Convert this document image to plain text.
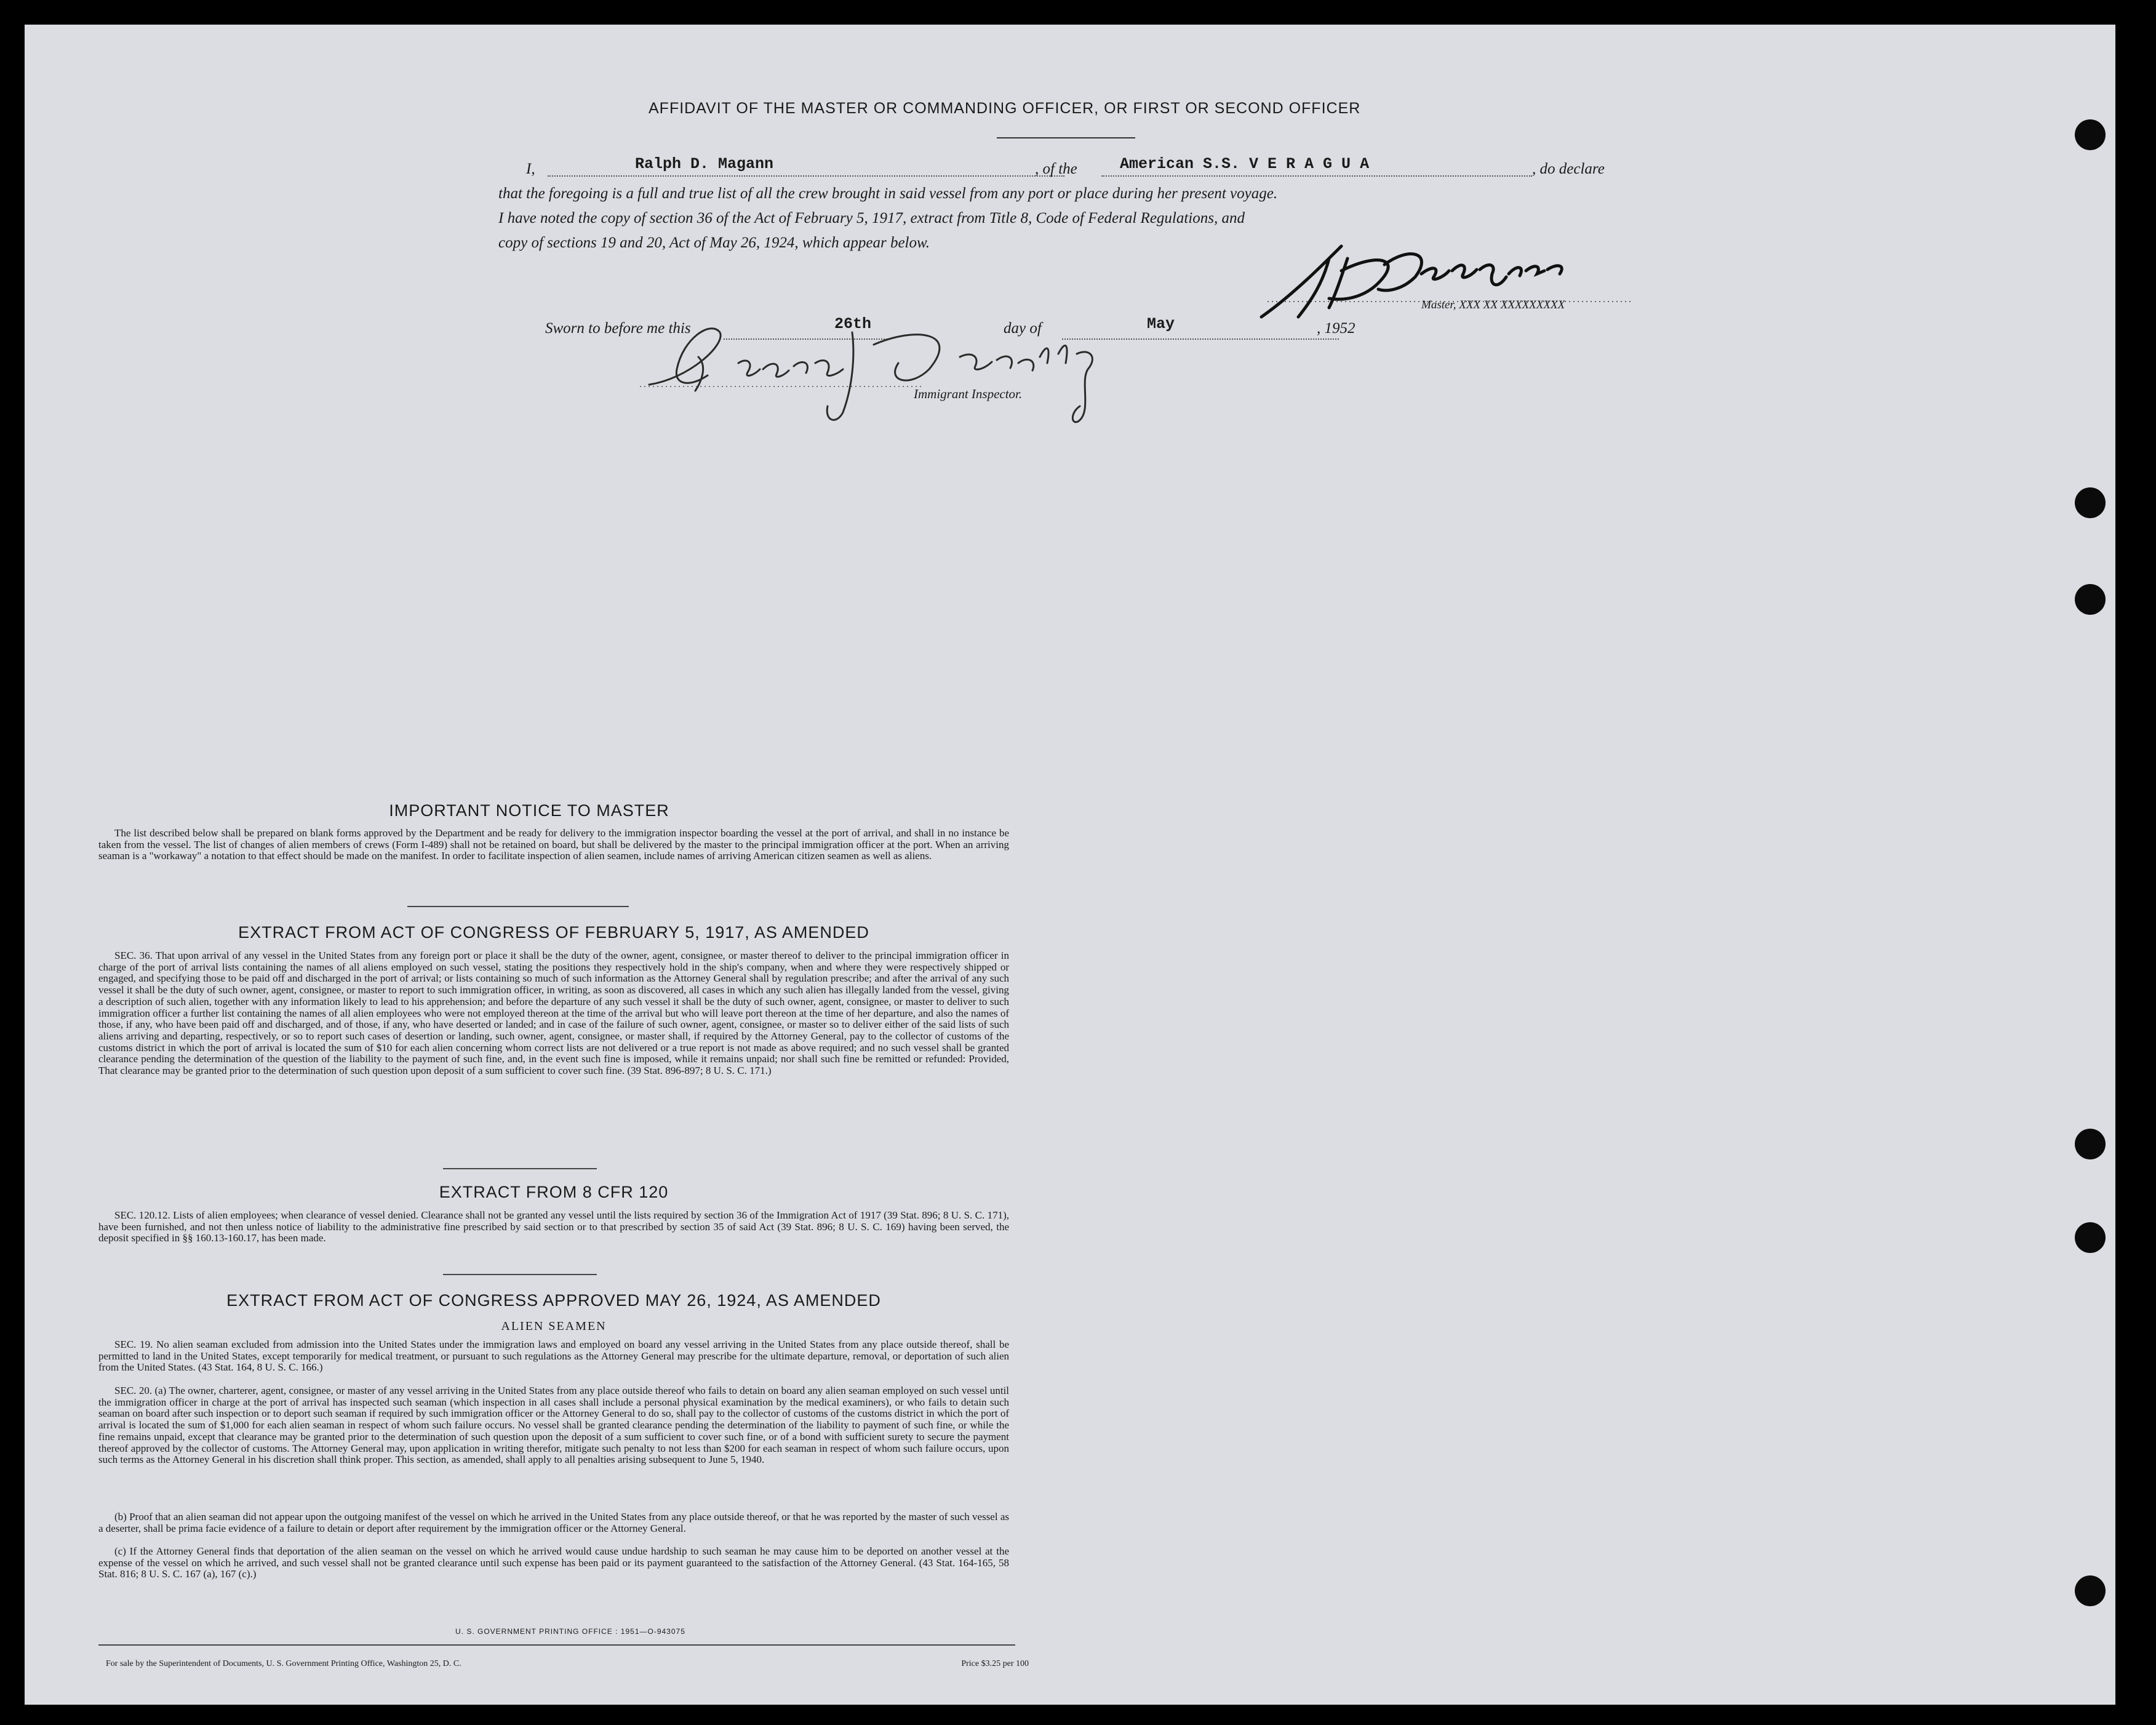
AFFIDAVIT OF THE MASTER OR COMMANDING OFFICER, OR FIRST OR SECOND OFFICER
I,	Ralph D. Magann	, of the	American S.S. V E R A G U A	, do declare
that the foregoing is a full and true list of all the crew brought in said vessel from any port or place during her present voyage.
I have noted the copy of section 36 of the Act of February 5, 1917, extract from Title 8, Code of Federal Regulations, and
copy of sections 19 and 20, Act of May 26, 1924, which appear below.
Master, XXX XX XXXXXXXXX
Sworn to before me this	26th	day of	May	, 1952
Immigrant Inspector.
IMPORTANT NOTICE TO MASTER

The list described below shall be prepared on blank forms approved by the Department and be ready for delivery to the immigration inspector boarding the vessel at the port of arrival, and shall in no instance be taken from the vessel. The list of changes of alien members of crews (Form I-489) shall not be retained on board, but shall be delivered by the master to the principal immigration officer at the port. When an arriving seaman is a "workaway" a notation to that effect should be made on the manifest. In order to facilitate inspection of alien seamen, include names of arriving American citizen seamen as well as aliens.

EXTRACT FROM ACT OF CONGRESS OF FEBRUARY 5, 1917, AS AMENDED

SEC. 36. That upon arrival of any vessel in the United States from any foreign port or place it shall be the duty of the owner, agent, consignee, or master thereof to deliver to the principal immigration officer in charge of the port of arrival lists containing the names of all aliens employed on such vessel, stating the positions they respectively hold in the ship's company, when and where they were respectively shipped or engaged, and specifying those to be paid off and discharged in the port of arrival; or lists containing so much of such information as the Attorney General shall by regulation prescribe; and after the arrival of any such vessel it shall be the duty of such owner, agent, consignee, or master to report to such immigration officer, in writing, as soon as discovered, all cases in which any such alien has illegally landed from the vessel, giving a description of such alien, together with any information likely to lead to his apprehension; and before the departure of any such vessel it shall be the duty of such owner, agent, consignee, or master to deliver to such immigration officer a further list containing the names of all alien employees who were not employed thereon at the time of the arrival but who will leave port thereon at the time of her departure, and also the names of those, if any, who have been paid off and discharged, and of those, if any, who have deserted or landed; and in case of the failure of such owner, agent, consignee, or master so to deliver either of the said lists of such aliens arriving and departing, respectively, or so to report such cases of desertion or landing, such owner, agent, consignee, or master shall, if required by the Attorney General, pay to the collector of customs of the customs district in which the port of arrival is located the sum of $10 for each alien concerning whom correct lists are not delivered or a true report is not made as above required; and no such vessel shall be granted clearance pending the determination of the question of the liability to the payment of such fine, and, in the event such fine is imposed, while it remains unpaid; nor shall such fine be remitted or refunded: Provided, That clearance may be granted prior to the determination of such question upon deposit of a sum sufficient to cover such fine. (39 Stat. 896-897; 8 U. S. C. 171.)

EXTRACT FROM 8 CFR 120

SEC. 120.12. Lists of alien employees; when clearance of vessel denied. Clearance shall not be granted any vessel until the lists required by section 36 of the Immigration Act of 1917 (39 Stat. 896; 8 U. S. C. 171), have been furnished, and not then unless notice of liability to the administrative fine prescribed by said section or to that prescribed by section 35 of said Act (39 Stat. 896; 8 U. S. C. 169) having been served, the deposit specified in §§ 160.13-160.17, has been made.

EXTRACT FROM ACT OF CONGRESS APPROVED MAY 26, 1924, AS AMENDED
ALIEN SEAMEN

SEC. 19. No alien seaman excluded from admission into the United States under the immigration laws and employed on board any vessel arriving in the United States from any place outside thereof, shall be permitted to land in the United States, except temporarily for medical treatment, or pursuant to such regulations as the Attorney General may prescribe for the ultimate departure, removal, or deportation of such alien from the United States. (43 Stat. 164, 8 U. S. C. 166.)

SEC. 20. (a) The owner, charterer, agent, consignee, or master of any vessel arriving in the United States from any place outside thereof who fails to detain on board any alien seaman employed on such vessel until the immigration officer in charge at the port of arrival has inspected such seaman (which inspection in all cases shall include a personal physical examination by the medical examiners), or who fails to detain such seaman on board after such inspection or to deport such seaman if required by such immigration officer or the Attorney General to do so, shall pay to the collector of customs of the customs district in which the port of arrival is located the sum of $1,000 for each alien seaman in respect of whom such failure occurs. No vessel shall be granted clearance pending the determination of the liability to payment of such fine, or while the fine remains unpaid, except that clearance may be granted prior to the determination of such question upon the deposit of a sum sufficient to cover such fine, or of a bond with sufficient surety to secure the payment thereof approved by the collector of customs. The Attorney General may, upon application in writing therefor, mitigate such penalty to not less than $200 for each seaman in respect of whom such failure occurs, upon such terms as the Attorney General in his discretion shall think proper. This section, as amended, shall apply to all penalties arising subsequent to June 5, 1940.

(b) Proof that an alien seaman did not appear upon the outgoing manifest of the vessel on which he arrived in the United States from any place outside thereof, or that he was reported by the master of such vessel as a deserter, shall be prima facie evidence of a failure to detain or deport after requirement by the immigration officer or the Attorney General.

(c) If the Attorney General finds that deportation of the alien seaman on the vessel on which he arrived would cause undue hardship to such seaman he may cause him to be deported on another vessel at the expense of the vessel on which he arrived, and such vessel shall not be granted clearance until such expense has been paid or its payment guaranteed to the satisfaction of the Attorney General. (43 Stat. 164-165, 58 Stat. 816; 8 U. S. C. 167 (a), 167 (c).)

U. S. GOVERNMENT PRINTING OFFICE : 1951—O-943075
For sale by the Superintendent of Documents, U. S. Government Printing Office, Washington 25, D. C.	Price $3.25 per 100
